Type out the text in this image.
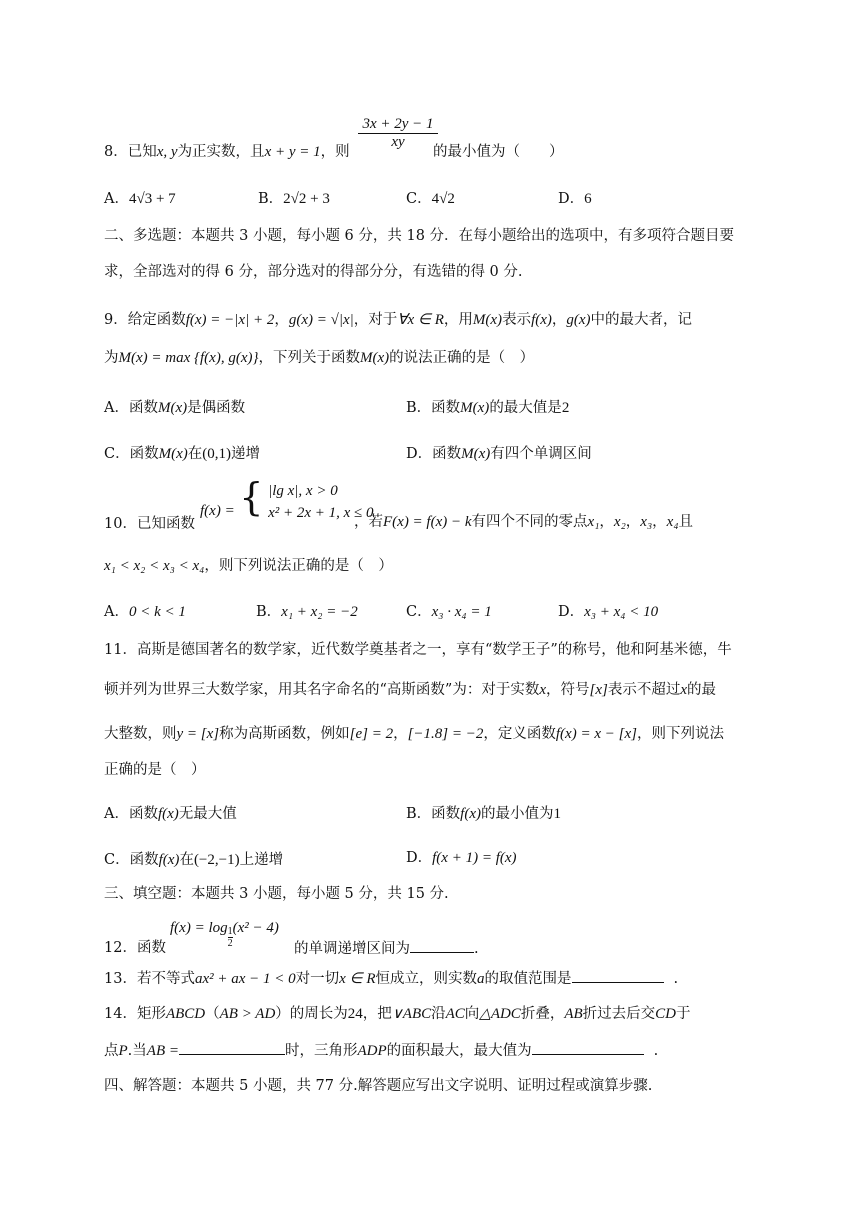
8．已知x, y为正实数，且x + y = 1，则
$\frac{3x + 2y - 1}{xy}$
的最小值为（　　）
A．4√3 + 7	B．2√2 + 3	C．4√2	D．6
二、多选题：本题共 3 小题，每小题 6 分，共 18 分．在每小题给出的选项中，有多项符合题目要
求，全部选对的得 6 分，部分选对的得部分分，有选错的得 0 分.
9．给定函数f(x) = −|x| + 2，g(x) = √|x|，对于∀x ∈ R，用M(x)表示f(x)，g(x)中的最大者，记
为M(x) = max {f(x), g(x)}，下列关于函数M(x)的说法正确的是（　）
A．函数M(x)是偶函数	B．函数M(x)的最大值是2
C．函数M(x)在(0,1)递增	D．函数M(x)有四个单调区间
10．已知函数
f(x) = { |lg x|, x > 0
x² + 2x + 1, x ≤ 0
，若F(x) = f(x) − k有四个不同的零点x₁，x₂，x₃，x₄且
x₁ < x₂ < x₃ < x₄，则下列说法正确的是（　）
A．0 < k < 1	B．x₁ + x₂ = −2	C．x₃ · x₄ = 1	D．x₃ + x₄ < 10
11．高斯是德国著名的数学家，近代数学奠基者之一，享有“数学王子”的称号，他和阿基米德，牛
顿并列为世界三大数学家，用其名字命名的“高斯函数”为：对于实数x，符号[x]表示不超过x的最
大整数，则y = [x]称为高斯函数，例如[e] = 2，[−1.8] = −2，定义函数f(x) = x − [x]，则下列说法
正确的是（　）
A．函数f(x)无最大值	B．函数f(x)的最小值为1
C．函数f(x)在(−2,−1)上递增	D．f(x + 1) = f(x)
三、填空题：本题共 3 小题，每小题 5 分，共 15 分.
12．函数
$f(x) = \log \frac{1}{2} (x^2 - 4)$
的单调递增区间为	.
13．若不等式ax² + ax − 1 < 0对一切x ∈ R恒成立，则实数a的取值范围是	.
14．矩形ABCD（AB > AD）的周长为24，把∨ABC沿AC向△ADC折叠，AB折过去后交CD于
点P.当AB =	时，三角形ADP的面积最大，最大值为	.
四、解答题：本题共 5 小题，共 77 分.解答题应写出文字说明、证明过程或演算步骤.
